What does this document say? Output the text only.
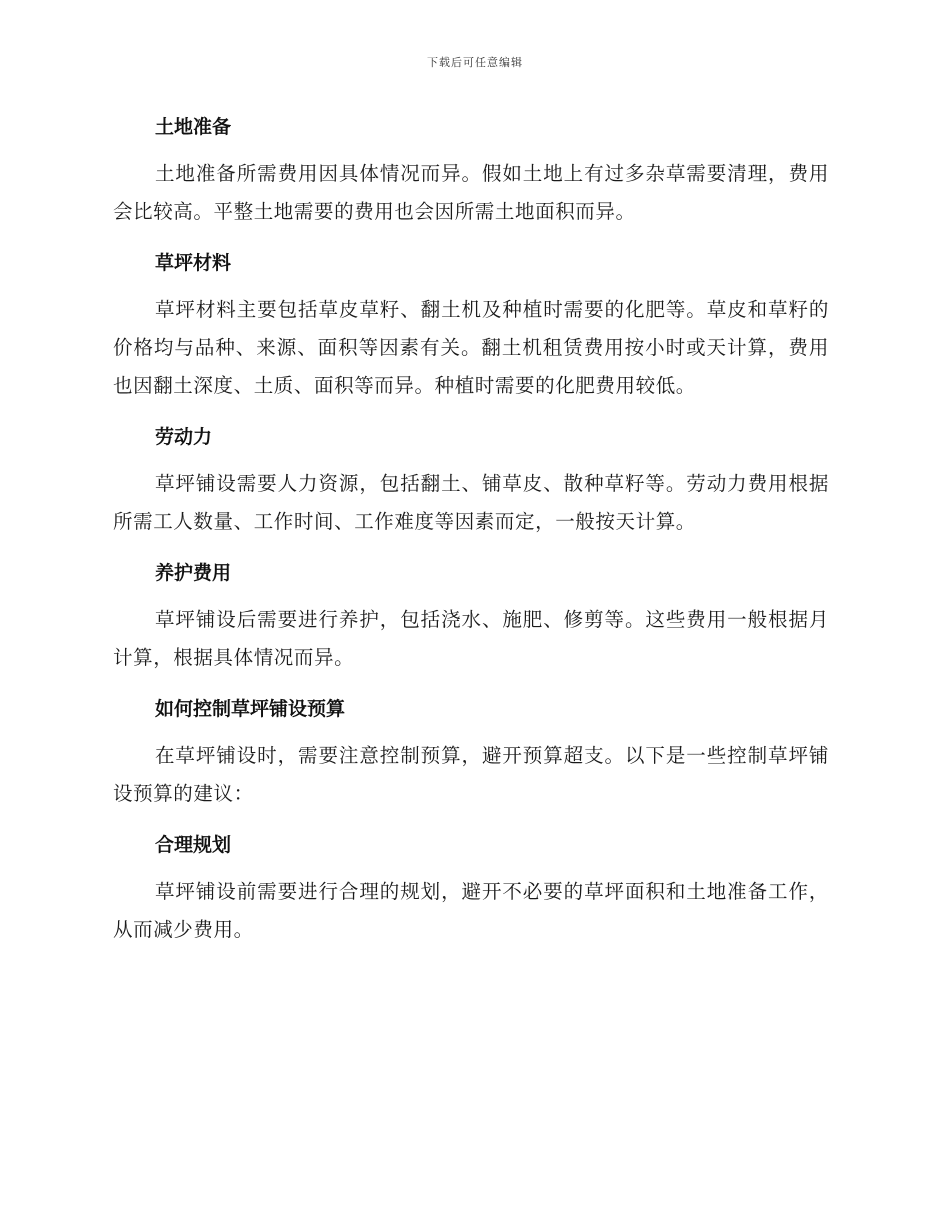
下载后可任意编辑
土地准备
土地准备所需费用因具体情况而异。假如土地上有过多杂草需要清理，费用会比较高。平整土地需要的费用也会因所需土地面积而异。
草坪材料
草坪材料主要包括草皮草籽、翻土机及种植时需要的化肥等。草皮和草籽的价格均与品种、来源、面积等因素有关。翻土机租赁费用按小时或天计算，费用也因翻土深度、土质、面积等而异。种植时需要的化肥费用较低。
劳动力
草坪铺设需要人力资源，包括翻土、铺草皮、散种草籽等。劳动力费用根据所需工人数量、工作时间、工作难度等因素而定，一般按天计算。
养护费用
草坪铺设后需要进行养护，包括浇水、施肥、修剪等。这些费用一般根据月计算，根据具体情况而异。
如何控制草坪铺设预算
在草坪铺设时，需要注意控制预算，避开预算超支。以下是一些控制草坪铺设预算的建议：
合理规划
草坪铺设前需要进行合理的规划，避开不必要的草坪面积和土地准备工作，从而减少费用。
